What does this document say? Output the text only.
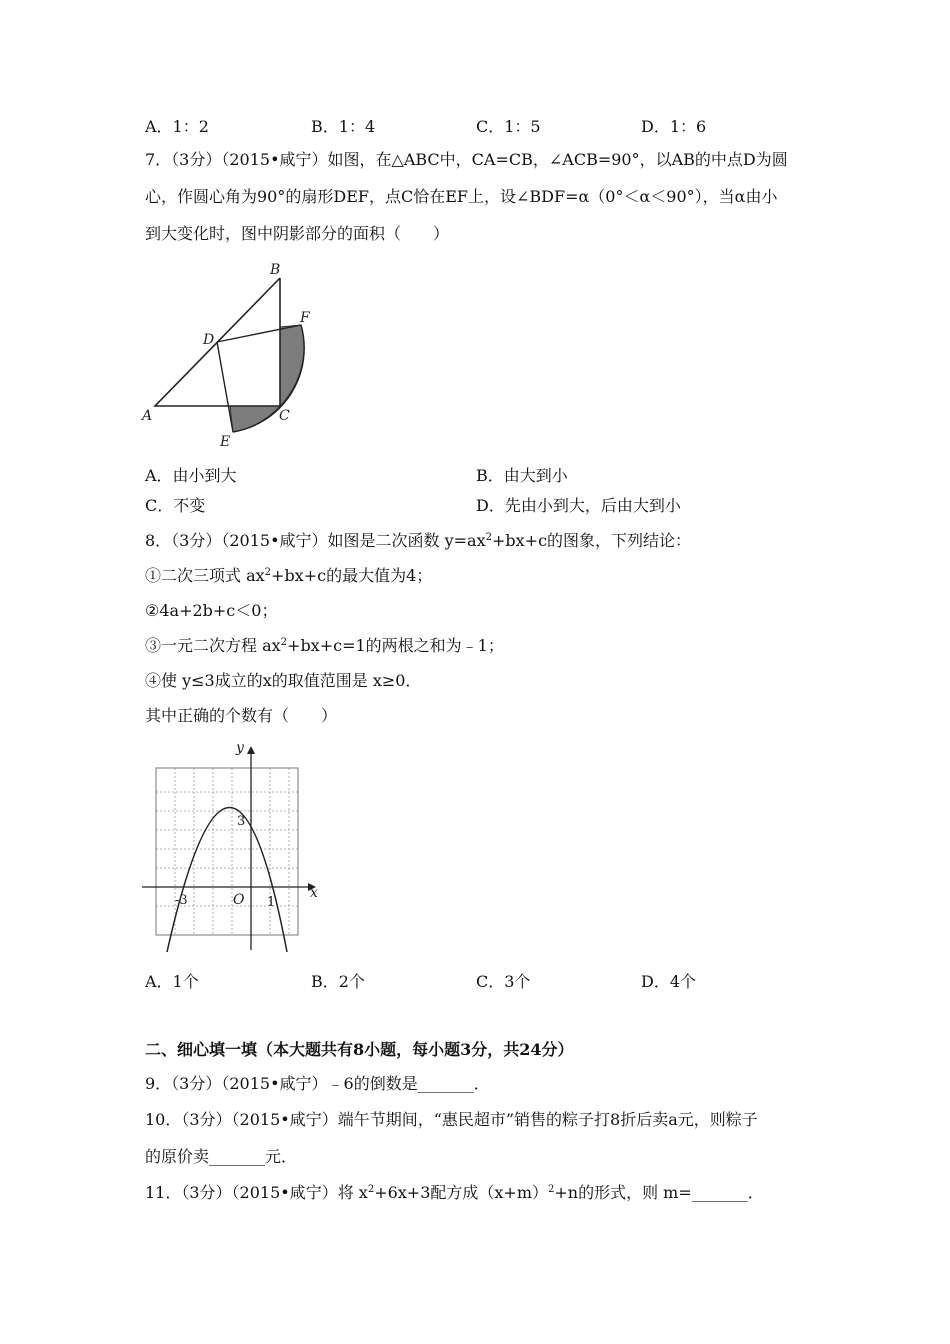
A．1：2	B．1：4	C．1：5	D．1：6
7．（3分）（2015•咸宁）如图，在△ABC中，CA=CB，∠ACB=90°，以AB的中点D为圆
心，作圆心角为90°的扇形DEF，点C恰在EF上，设∠BDF=α（0°＜α＜90°），当α由小
到大变化时，图中阴影部分的面积（　　）
B
D
F
A	C
E
A．由小到大	B．由大到小
C．不变	D．先由小到大，后由大到小
8．（3分）（2015•咸宁）如图是二次函数 $y=ax^2+bx+c$的图象，下列结论：
①二次三项式 $ax^2+bx+c$的最大值为4；
②4a+2b+c＜0；
③一元二次方程 $ax^2+bx+c=1$的两根之和为﹣1；
④使 y≤3成立的x的取值范围是 x≥0．
其中正确的个数有（　　）
y
x
3
-3	O 1
A．1个	B．2个	C．3个	D．4个
二、细心填一填（本大题共有8小题，每小题3分，共24分）
9．（3分）（2015•咸宁）﹣6的倒数是_______．
10．（3分）（2015•咸宁）端午节期间，“惠民超市”销售的粽子打8折后卖a元，则粽子
的原价卖_______元．
11．（3分）（2015•咸宁）将 $x^2+6x+3$配方成$(x+m)^2+n$的形式，则 m=_______．
